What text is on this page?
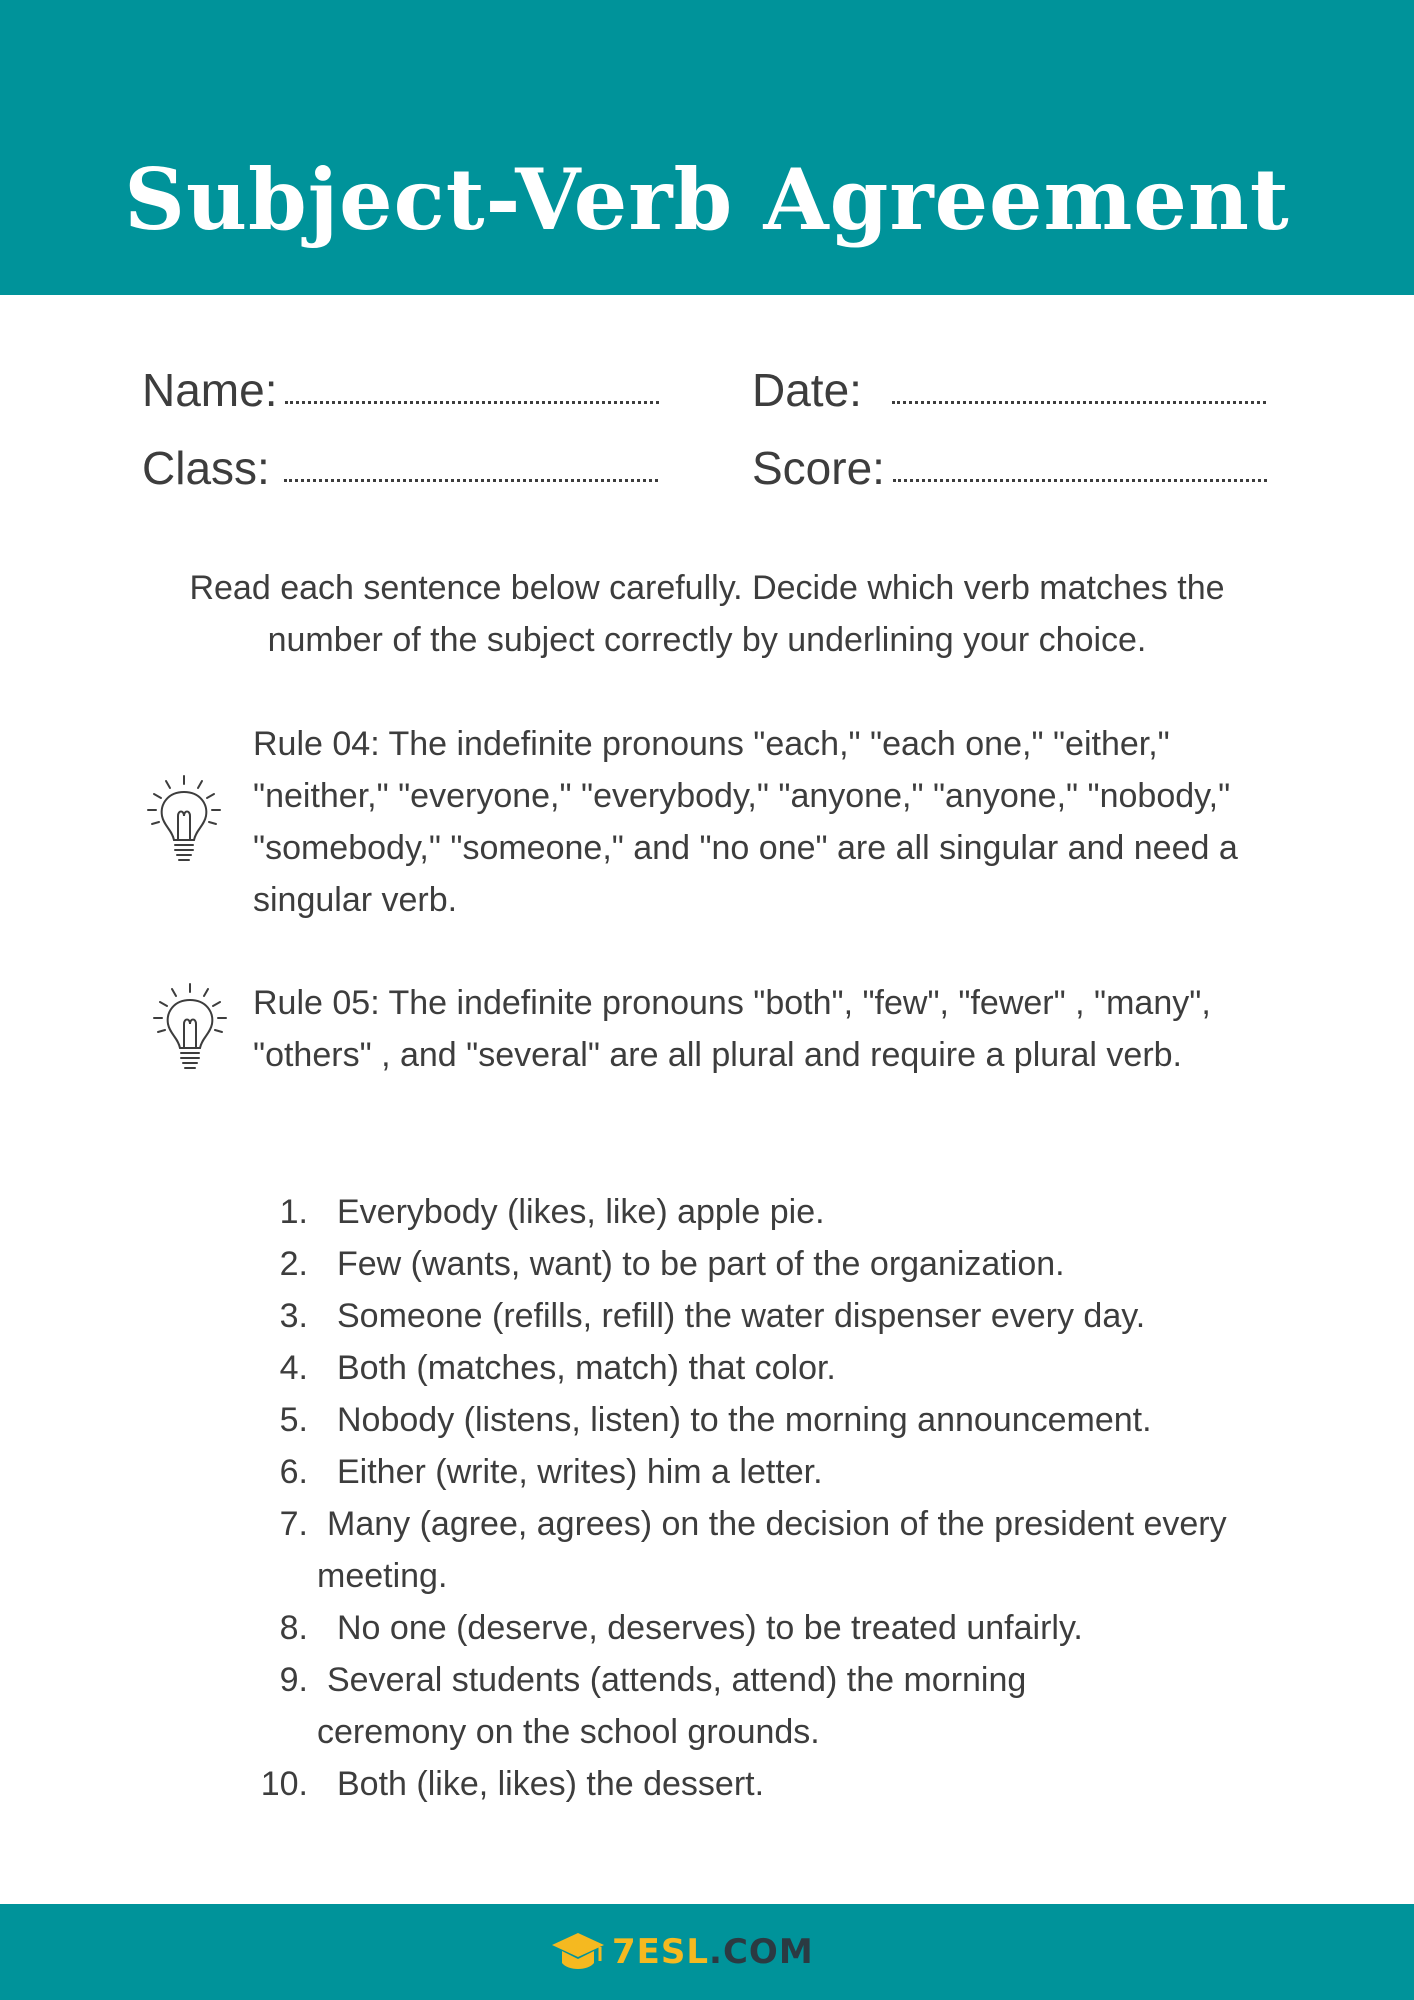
Subject-Verb Agreement
Name:	Date:
Class:	Score:
Read each sentence below carefully. Decide which verb matches the number of the subject correctly by underlining your choice.
Rule 04: The indefinite pronouns "each," "each one," "either," "neither," "everyone," "everybody," "anyone," "anyone," "nobody," "somebody," "someone," and "no one" are all singular and need a singular verb.
Rule 05: The indefinite pronouns "both", "few", "fewer" , "many", "others" , and "several" are all plural and require a plural verb.
1. Everybody (likes, like) apple pie.
2. Few (wants, want) to be part of the organization.
3. Someone (refills, refill) the water dispenser every day.
4. Both (matches, match) that color.
5. Nobody (listens, listen) to the morning announcement.
6. Either (write, writes) him a letter.
7. Many (agree, agrees) on the decision of the president every meeting.
8. No one (deserve, deserves) to be treated unfairly.
9. Several students (attends, attend) the morning ceremony on the school grounds.
10. Both (like, likes) the dessert.
7ESL.COM
